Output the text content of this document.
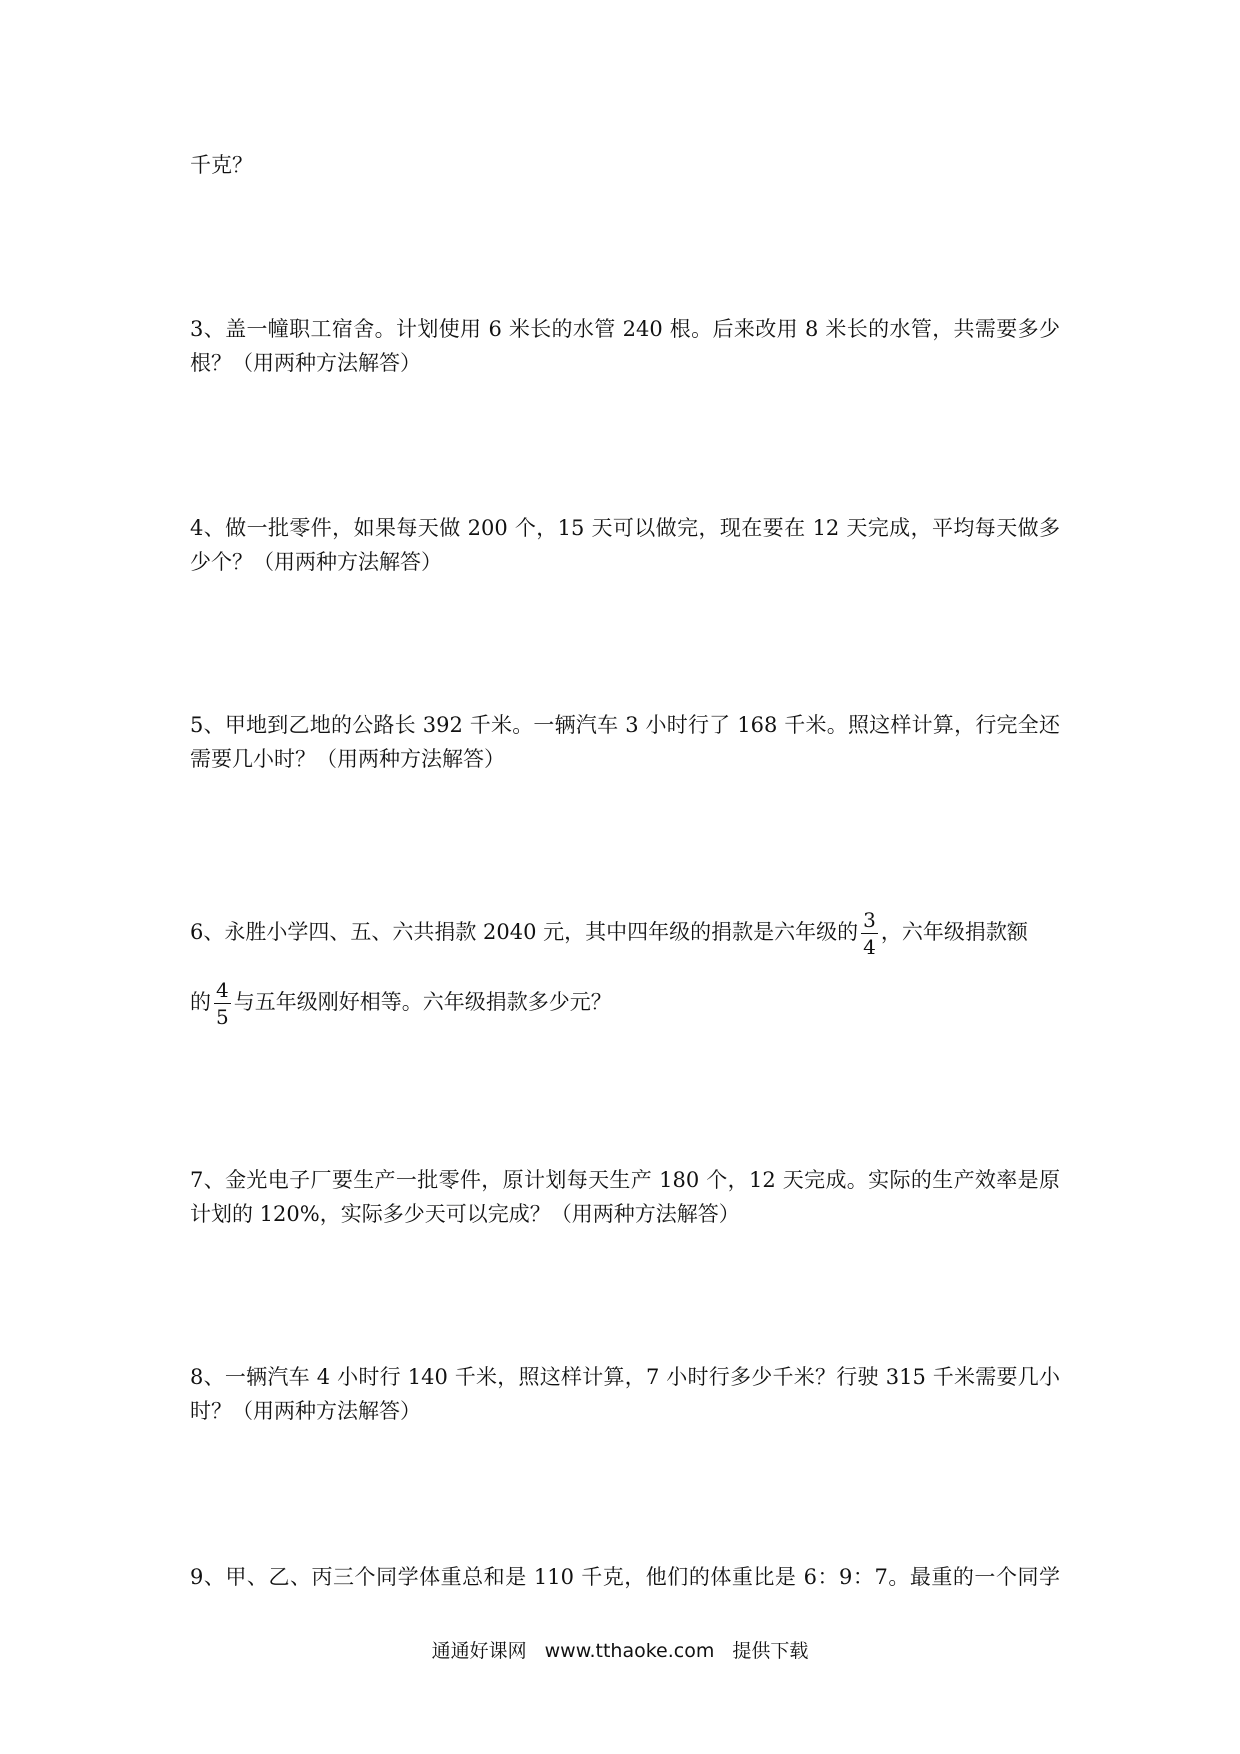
千克？
3、盖一幢职工宿舍。计划使用 6 米长的水管 240 根。后来改用 8 米长的水管，共需要多少
根？（用两种方法解答）
4、做一批零件，如果每天做 200 个，15 天可以做完，现在要在 12 天完成，平均每天做多
少个？（用两种方法解答）
5、甲地到乙地的公路长 392 千米。一辆汽车 3 小时行了 168 千米。照这样计算，行完全还
需要几小时？（用两种方法解答）
6、永胜小学四、五、六共捐款 2040 元，其中四年级的捐款是六年级的 $\frac{3}{4}$ ，六年级捐款额
的 $\frac{4}{5}$ 与五年级刚好相等。六年级捐款多少元？
7、金光电子厂要生产一批零件，原计划每天生产 180 个，12 天完成。实际的生产效率是原
计划的 120%，实际多少天可以完成？（用两种方法解答）
8、一辆汽车 4 小时行 140 千米，照这样计算，7 小时行多少千米？行驶 315 千米需要几小
时？（用两种方法解答）
9、甲、乙、丙三个同学体重总和是 110 千克，他们的体重比是 6：9：7。最重的一个同学
通通好课网 www.tthaoke.com 提供下载
